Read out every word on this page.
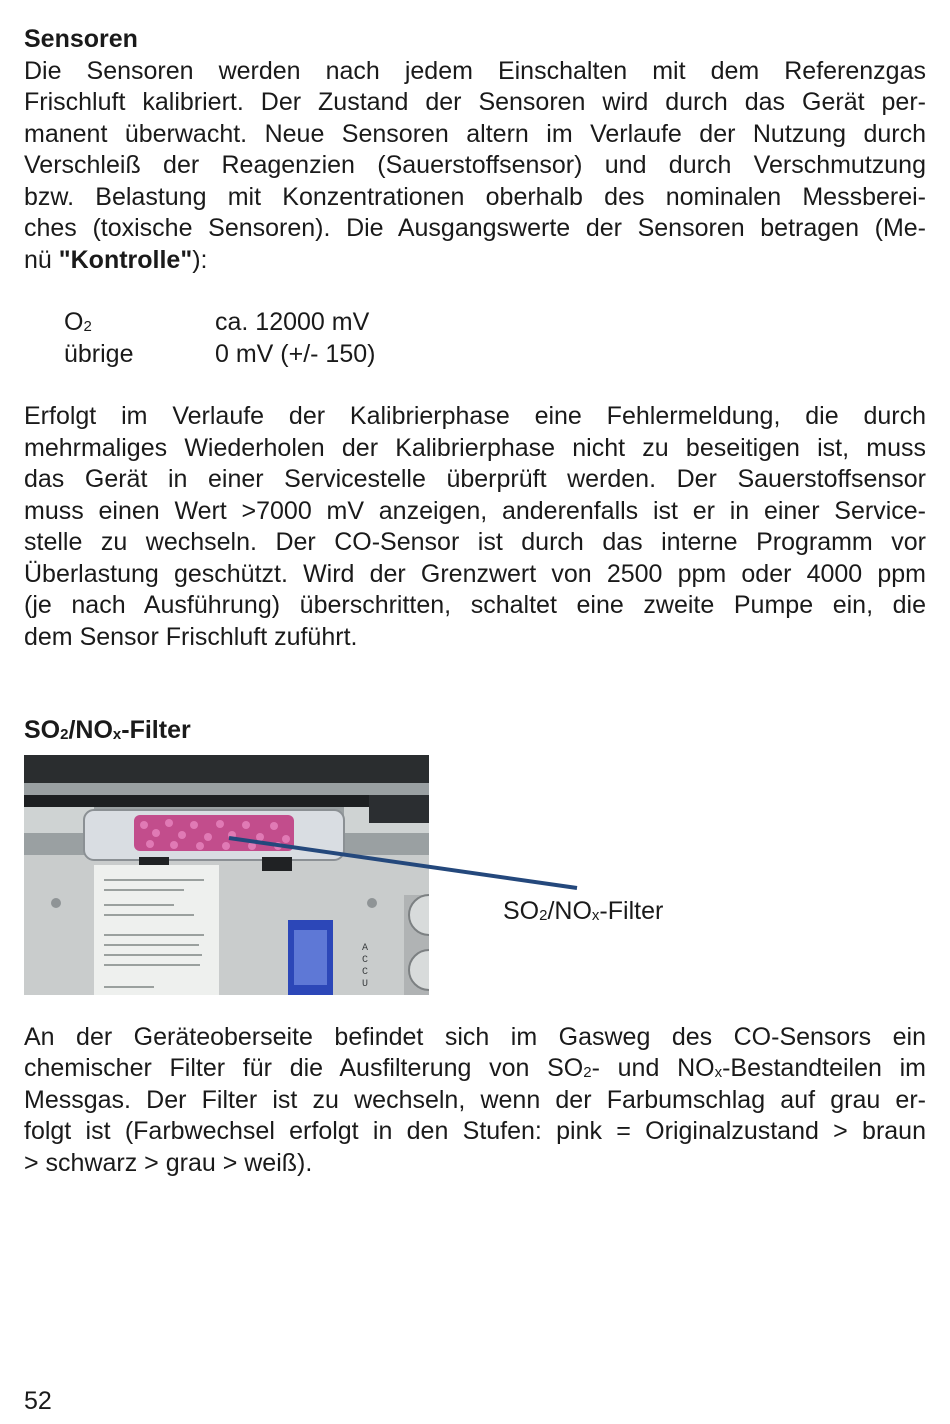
Sensoren

Die Sensoren werden nach jedem Einschalten mit dem Referenzgas
Frischluft kalibriert. Der Zustand der Sensoren wird durch das Gerät per-
manent überwacht. Neue Sensoren altern im Verlaufe der Nutzung durch
Verschleiß der Reagenzien (Sauerstoffsensor) und durch Verschmutzung
bzw. Belastung mit Konzentrationen oberhalb des nominalen Messberei-
ches (toxische Sensoren). Die Ausgangswerte der Sensoren betragen (Me-
nü "Kontrolle"):
$O_2$	ca. 12000 mV
übrige	0 mV (+/- 150)
Erfolgt im Verlaufe der Kalibrierphase eine Fehlermeldung, die durch
mehrmaliges Wiederholen der Kalibrierphase nicht zu beseitigen ist, muss
das Gerät in einer Servicestelle überprüft werden. Der Sauerstoffsensor
muss einen Wert >7000 mV anzeigen, anderenfalls ist er in einer Service-
stelle zu wechseln. Der CO-Sensor ist durch das interne Programm vor
Überlastung geschützt. Wird der Grenzwert von 2500 ppm oder 4000 ppm
(je nach Ausführung) überschritten, schaltet eine zweite Pumpe ein, die
dem Sensor Frischluft zuführt.

$SO_2/NO_x$-Filter

A C C U
$SO_2/NO_x$-Filter
An der Geräteoberseite befindet sich im Gasweg des CO-Sensors ein
chemischer Filter für die Ausfilterung von $SO_2-$ und $NO_x$-Bestandteilen im
Messgas. Der Filter ist zu wechseln, wenn der Farbumschlag auf grau er-
folgt ist (Farbwechsel erfolgt in den Stufen: pink = Originalzustand > braun
> schwarz > grau > weiß).
52
